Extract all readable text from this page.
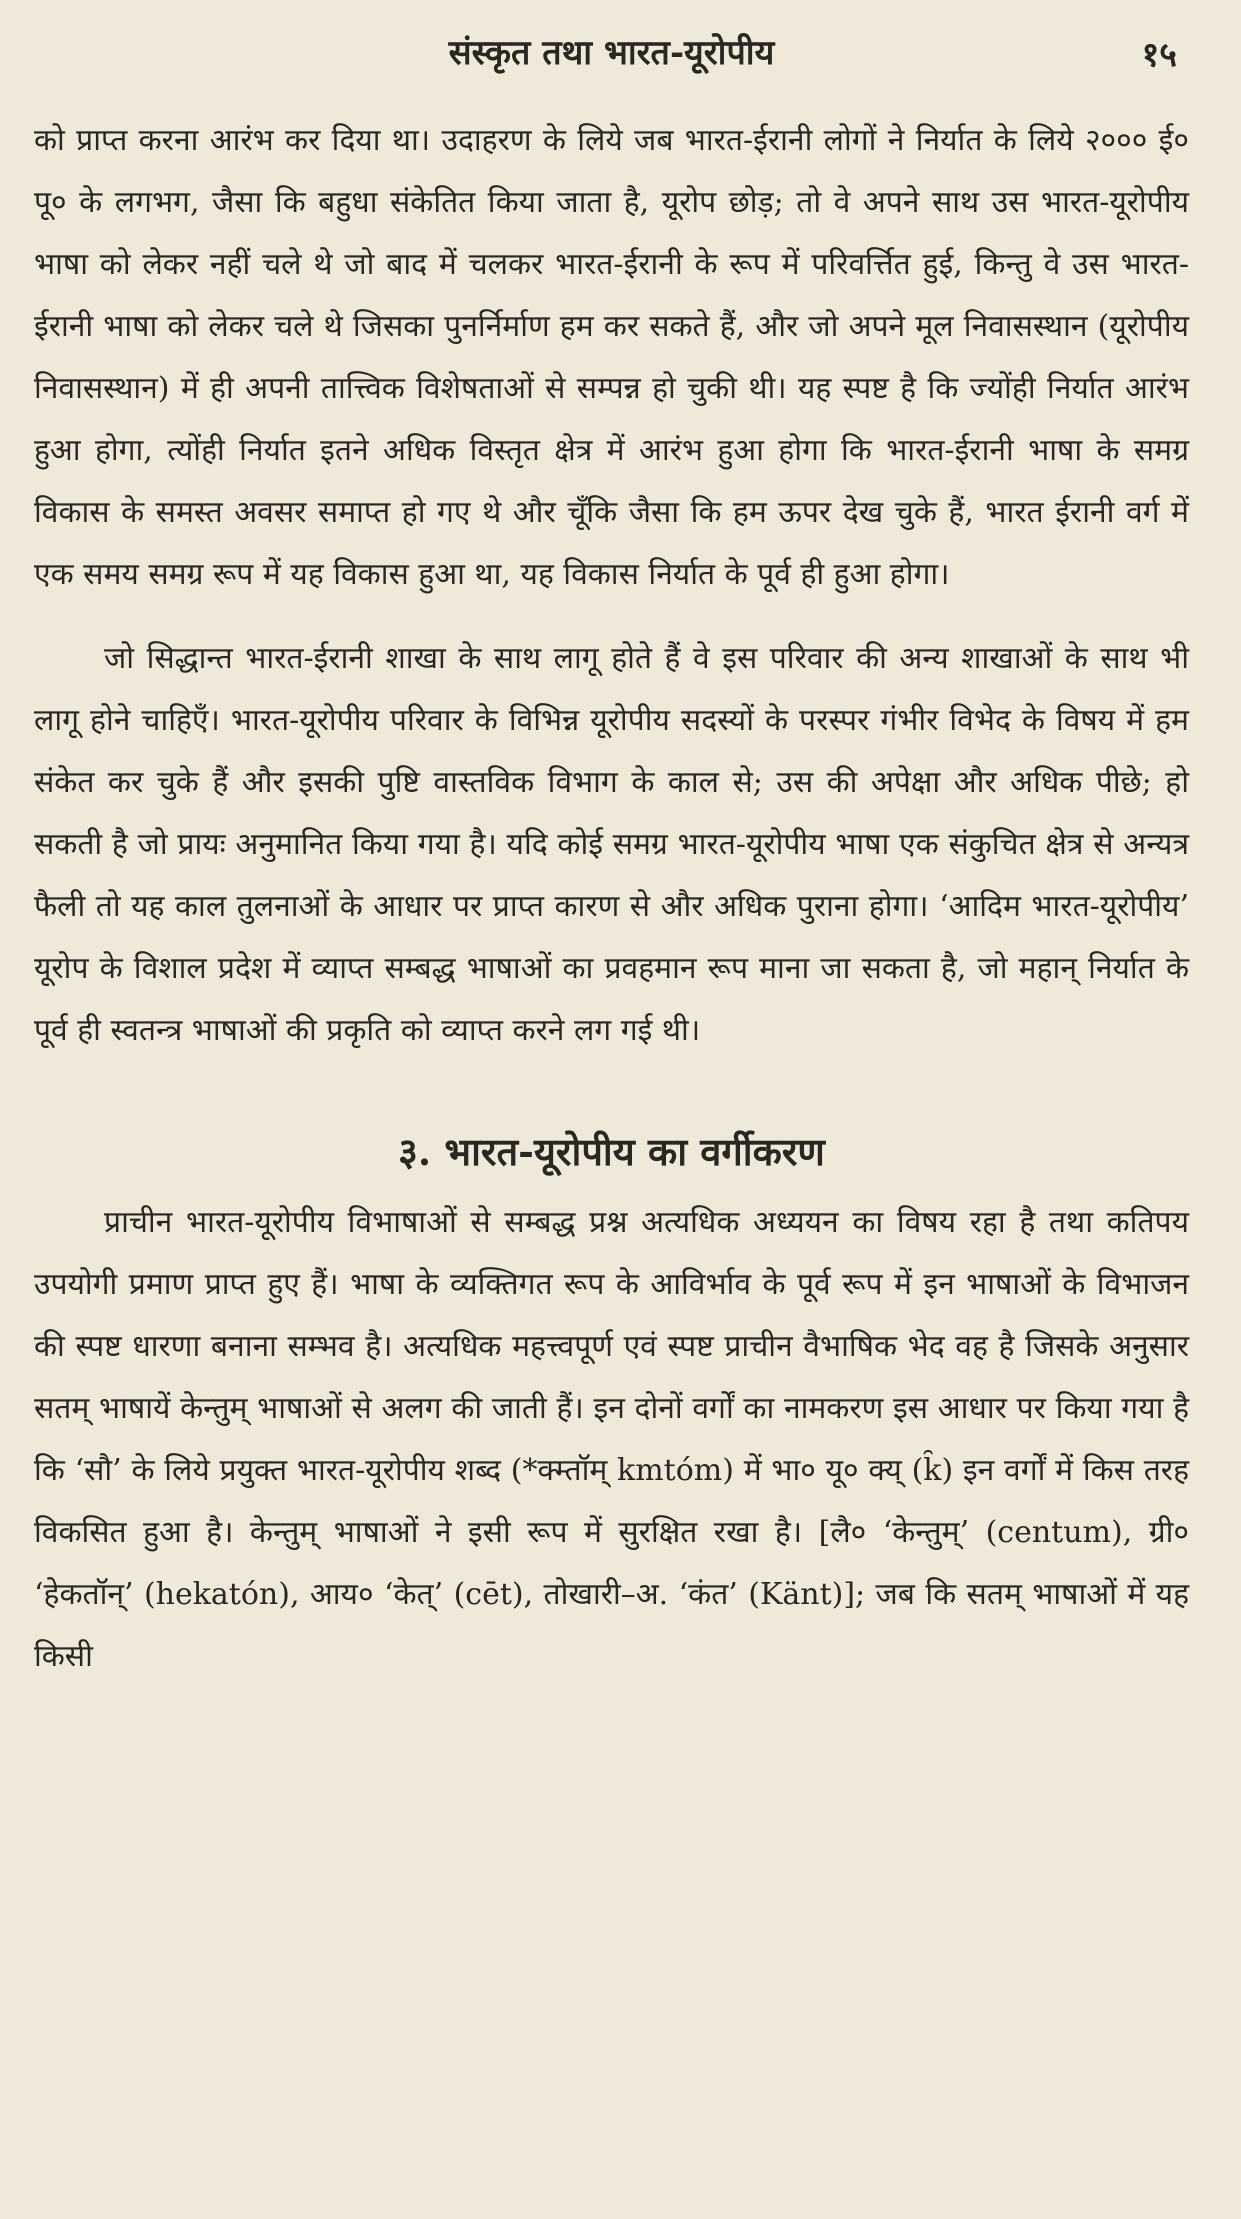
संस्कृत तथा भारत-यूरोपीय	१५

को प्राप्त करना आरंभ कर दिया था। उदाहरण के लिये जब भारत-ईरानी लोगों ने निर्यात के लिये २००० ई० पू० के लगभग, जैसा कि बहुधा संकेतित किया जाता है, यूरोप छोड़; तो वे अपने साथ उस भारत-यूरोपीय भाषा को लेकर नहीं चले थे जो बाद में चलकर भारत-ईरानी के रूप में परिवर्त्तित हुई, किन्तु वे उस भारत-ईरानी भाषा को लेकर चले थे जिसका पुनर्निर्माण हम कर सकते हैं, और जो अपने मूल निवासस्थान (यूरोपीय निवासस्थान) में ही अपनी तात्त्विक विशेषताओं से सम्पन्न हो चुकी थी। यह स्पष्ट है कि ज्योंही निर्यात आरंभ हुआ होगा, त्योंही निर्यात इतने अधिक विस्तृत क्षेत्र में आरंभ हुआ होगा कि भारत-ईरानी भाषा के समग्र विकास के समस्त अवसर समाप्त हो गए थे और चूँकि जैसा कि हम ऊपर देख चुके हैं, भारत ईरानी वर्ग में एक समय समग्र रूप में यह विकास हुआ था, यह विकास निर्यात के पूर्व ही हुआ होगा।

जो सिद्धान्त भारत-ईरानी शाखा के साथ लागू होते हैं वे इस परिवार की अन्य शाखाओं के साथ भी लागू होने चाहिएँ। भारत-यूरोपीय परिवार के विभिन्न यूरोपीय सदस्यों के परस्पर गंभीर विभेद के विषय में हम संकेत कर चुके हैं और इसकी पुष्टि वास्तविक विभाग के काल से; उस की अपेक्षा और अधिक पीछे; हो सकती है जो प्रायः अनुमानित किया गया है। यदि कोई समग्र भारत-यूरोपीय भाषा एक संकुचित क्षेत्र से अन्यत्र फैली तो यह काल तुलनाओं के आधार पर प्राप्त कारण से और अधिक पुराना होगा। ‘आदिम भारत-यूरोपीय’ यूरोप के विशाल प्रदेश में व्याप्त सम्बद्ध भाषाओं का प्रवहमान रूप माना जा सकता है, जो महान् निर्यात के पूर्व ही स्वतन्त्र भाषाओं की प्रकृति को व्याप्त करने लग गई थी।

३. भारत-यूरोपीय का वर्गीकरण

प्राचीन भारत-यूरोपीय विभाषाओं से सम्बद्ध प्रश्न अत्यधिक अध्ययन का विषय रहा है तथा कतिपय उपयोगी प्रमाण प्राप्त हुए हैं। भाषा के व्यक्तिगत रूप के आविर्भाव के पूर्व रूप में इन भाषाओं के विभाजन की स्पष्ट धारणा बनाना सम्भव है। अत्यधिक महत्त्वपूर्ण एवं स्पष्ट प्राचीन वैभाषिक भेद वह है जिसके अनुसार सतम् भाषायें केन्तुम् भाषाओं से अलग की जाती हैं। इन दोनों वर्गों का नामकरण इस आधार पर किया गया है कि ‘सौ’ के लिये प्रयुक्त भारत-यूरोपीय शब्द (*क्म्तॉम् kmtóm) में भा० यू० क्य् (k̑) इन वर्गों में किस तरह विकसित हुआ है। केन्तुम् भाषाओं ने इसी रूप में सुरक्षित रखा है। [लै० ‘केन्तुम्’ (centum), ग्री० ‘हेकतॉन्’ (hekatón), आय० ‘केत्’ (cēt), तोखारी–अ. ‘कंत’ (Känt)]; जब कि सतम् भाषाओं में यह किसी
